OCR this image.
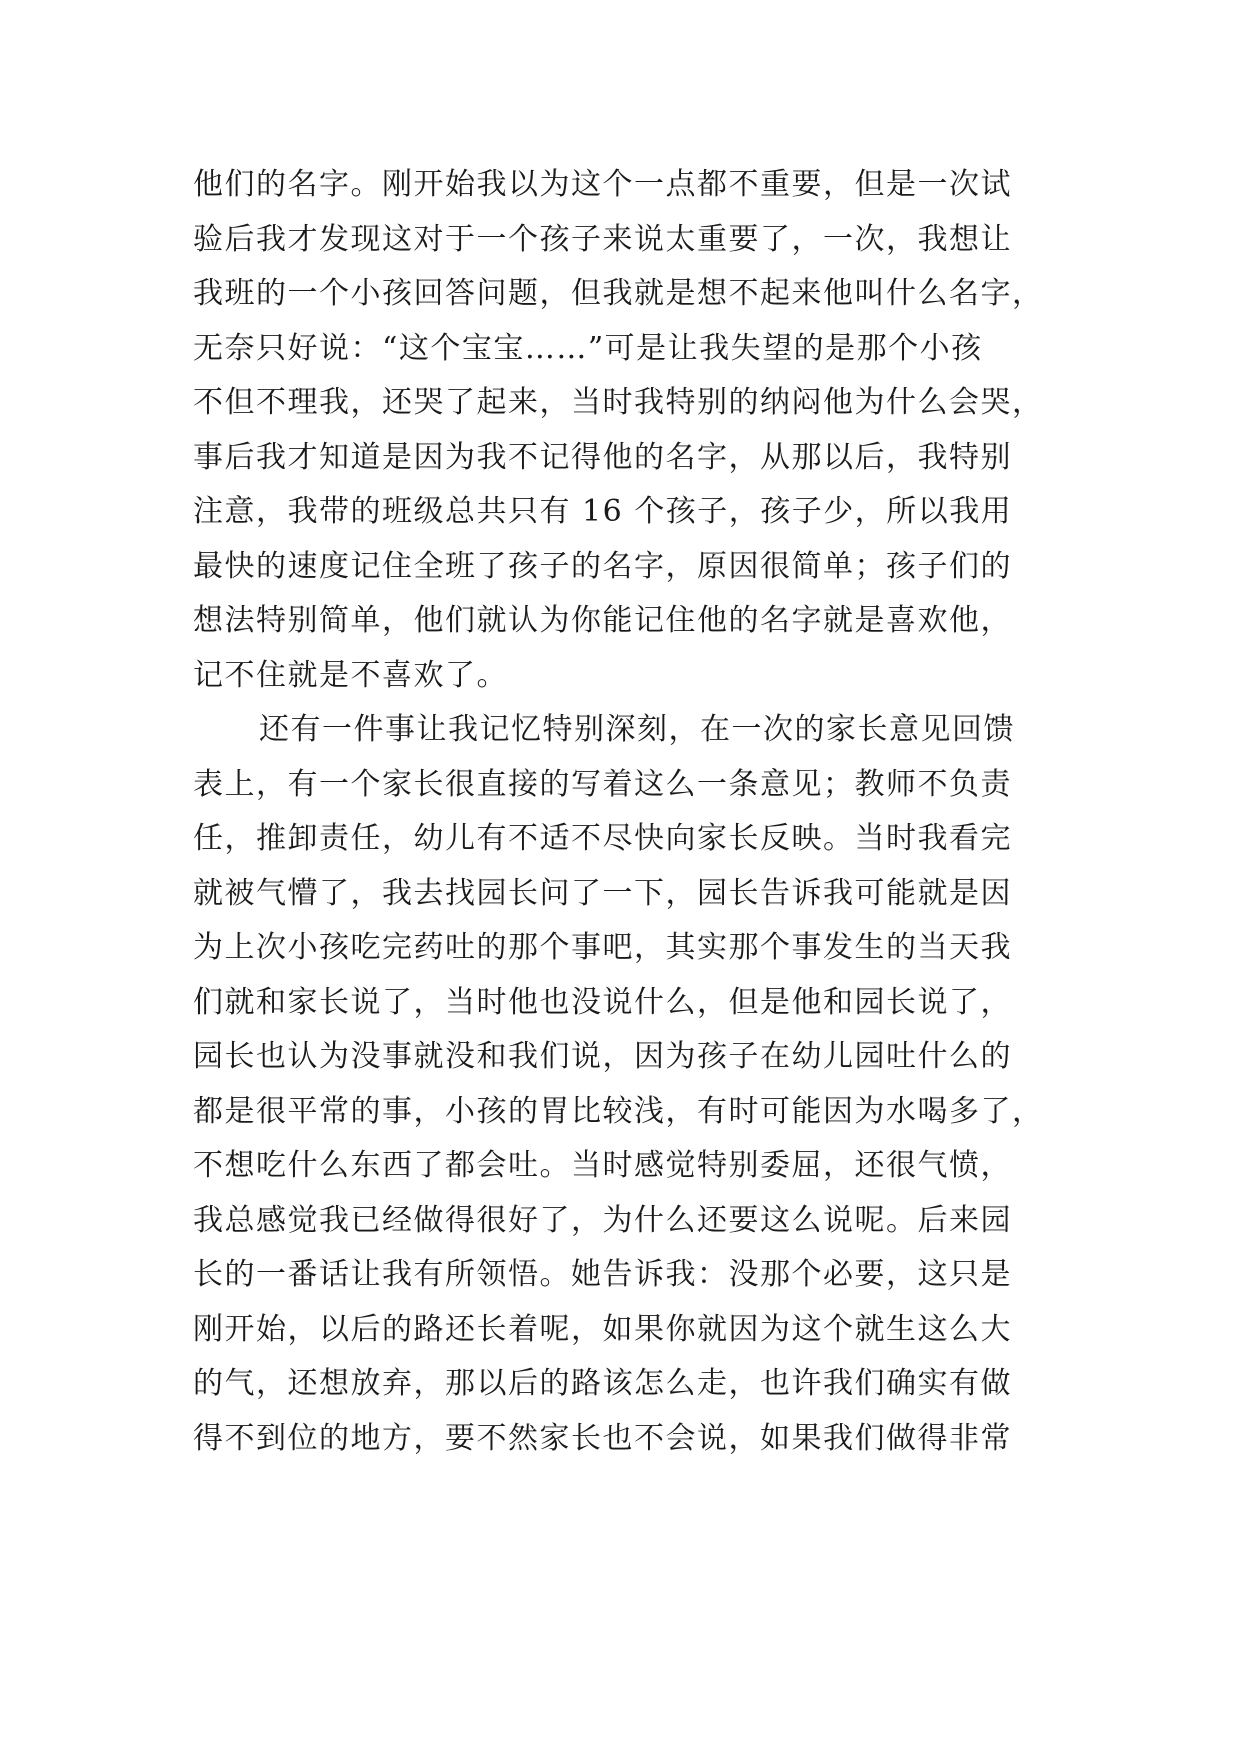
他们的名字。刚开始我以为这个一点都不重要，但是一次试
验后我才发现这对于一个孩子来说太重要了，一次，我想让
我班的一个小孩回答问题，但我就是想不起来他叫什么名字，
无奈只好说：“这个宝宝……”可是让我失望的是那个小孩
不但不理我，还哭了起来，当时我特别的纳闷他为什么会哭，
事后我才知道是因为我不记得他的名字，从那以后，我特别
注意，我带的班级总共只有 16 个孩子，孩子少，所以我用
最快的速度记住全班了孩子的名字，原因很简单；孩子们的
想法特别简单，他们就认为你能记住他的名字就是喜欢他，
记不住就是不喜欢了。
还有一件事让我记忆特别深刻，在一次的家长意见回馈
表上，有一个家长很直接的写着这么一条意见；教师不负责
任，推卸责任，幼儿有不适不尽快向家长反映。当时我看完
就被气懵了，我去找园长问了一下，园长告诉我可能就是因
为上次小孩吃完药吐的那个事吧，其实那个事发生的当天我
们就和家长说了，当时他也没说什么，但是他和园长说了，
园长也认为没事就没和我们说，因为孩子在幼儿园吐什么的
都是很平常的事，小孩的胃比较浅，有时可能因为水喝多了，
不想吃什么东西了都会吐。当时感觉特别委屈，还很气愤，
我总感觉我已经做得很好了，为什么还要这么说呢。后来园
长的一番话让我有所领悟。她告诉我：没那个必要，这只是
刚开始，以后的路还长着呢，如果你就因为这个就生这么大
的气，还想放弃，那以后的路该怎么走，也许我们确实有做
得不到位的地方，要不然家长也不会说，如果我们做得非常
